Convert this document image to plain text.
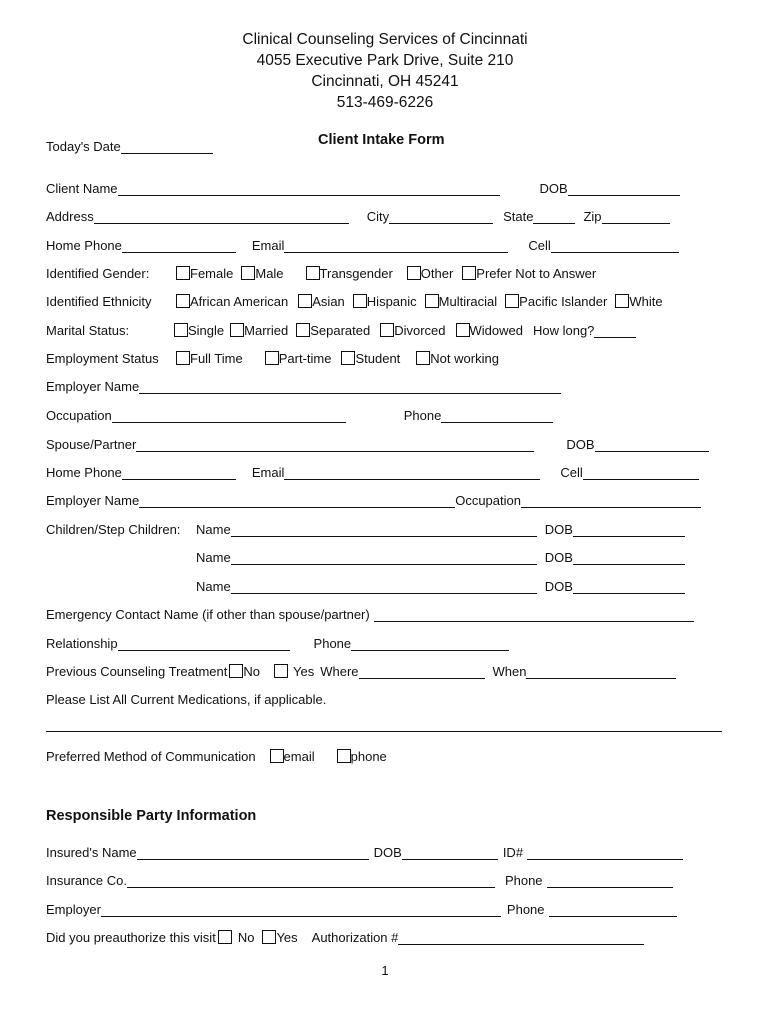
Clinical Counseling Services of Cincinnati
4055 Executive Park Drive, Suite 210
Cincinnati, OH 45241
513-469-6226
Today's Date	Client Intake Form
Client Name	DOB
Address	City	State	Zip
Home Phone	Email	Cell
Identified Gender:	Female Male	Transgender Other Prefer Not to Answer
Identified Ethnicity	African American Asian Hispanic Multiracial Pacific Islander White
Marital Status:	Single Married Separated Divorced Widowed How long?
Employment Status	Full Time	Part-time Student Not working
Employer Name
Occupation	Phone
Spouse/Partner	DOB
Home Phone	Email	Cell
Employer Name	Occupation
Children/Step Children:	Name	DOB
Name	DOB
Name	DOB
Emergency Contact Name (if other than spouse/partner)
Relationship	Phone
Previous Counseling Treatment No	Yes Where	When
Please List All Current Medications, if applicable.
Preferred Method of Communication email	phone
Responsible Party Information
Insured's Name	DOB	ID#
Insurance Co.	Phone
Employer	Phone
Did you preauthorize this visit No Yes Authorization #
1
